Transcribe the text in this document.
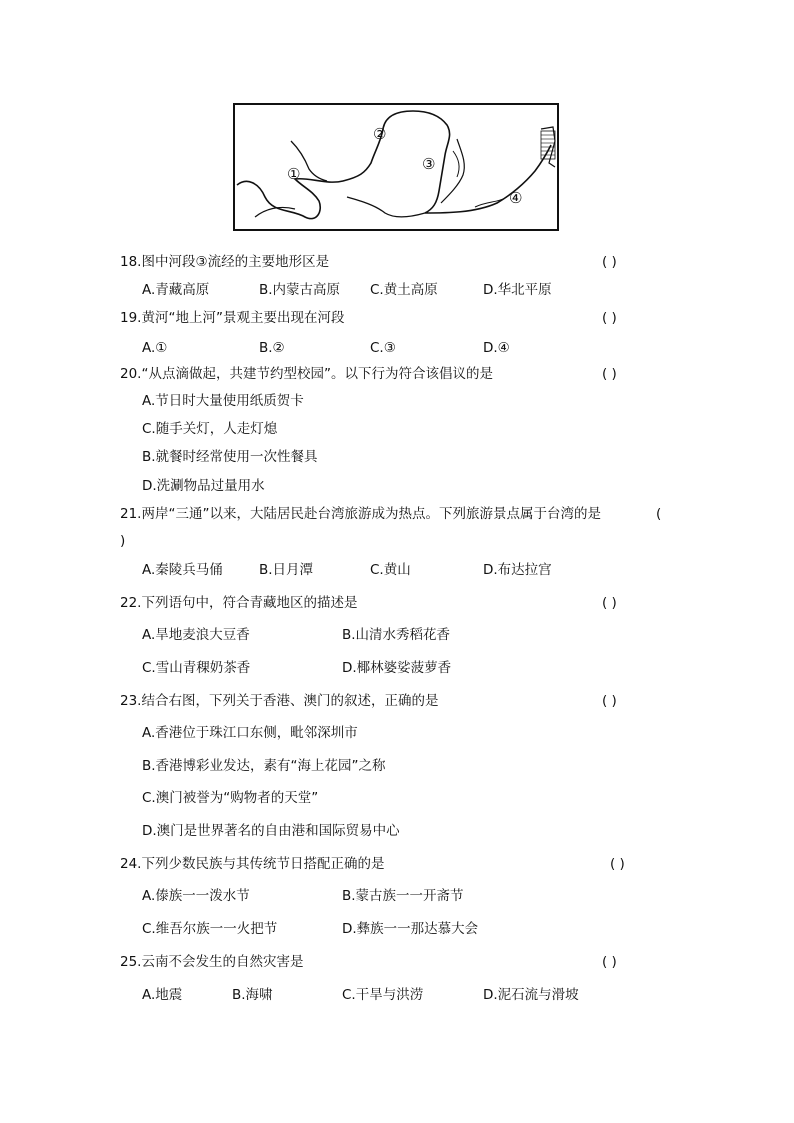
①
②
③
④
18.图中河段③流经的主要地形区是	( )
A.青藏高原	B.内蒙古高原 C.黄土高原	D.华北平原
19.黄河“地上河”景观主要出现在河段	( )
A.①	B.②	C.③	D.④
20.“从点滴做起，共建节约型校园”。以下行为符合该倡议的是	( )
A.节日时大量使用纸质贺卡
C.随手关灯，人走灯熄
B.就餐时经常使用一次性餐具
D.洗涮物品过量用水
21.两岸“三通”以来，大陆居民赴台湾旅游成为热点。下列旅游景点属于台湾的是	(
)
A.秦陵兵马俑	B.日月潭	C.黄山	D.布达拉宫
22.下列语句中，符合青藏地区的描述是	( )
A.旱地麦浪大豆香	B.山清水秀稻花香
C.雪山青稞奶茶香	D.椰林婆娑菠萝香
23.结合右图，下列关于香港、澳门的叙述，正确的是	( )
A.香港位于珠江口东侧，毗邻深圳市
B.香港博彩业发达，素有“海上花园”之称
C.澳门被誉为“购物者的天堂”
D.澳门是世界著名的自由港和国际贸易中心
24.下列少数民族与其传统节日搭配正确的是	( )
A.傣族一一泼水节	B.蒙古族一一开斋节
C.维吾尔族一一火把节	D.彝族一一那达慕大会
25.云南不会发生的自然灾害是	( )
A.地震	B.海啸	C.干旱与洪涝	D.泥石流与滑坡
